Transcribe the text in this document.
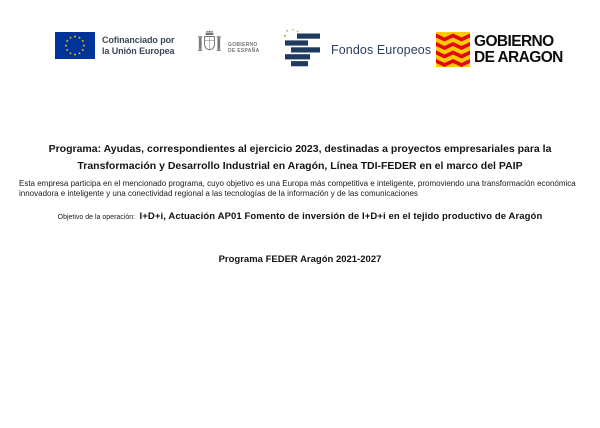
Cofinanciado por
la Unión Europea
GOBIERNO
DE ESPAÑA	Fondos Europeos	GOBIERNO
DE ARAGON
Programa: Ayudas, correspondientes al ejercicio 2023, destinadas a proyectos empresariales para la
Transformación y Desarrollo Industrial en Aragón, Línea TDI-FEDER en el marco del PAIP

Esta empresa participa en el mencionado programa, cuyo objetivo es una Europa más competitiva e inteligente, promoviendo una transformación económica innovadora e inteligente y una conectividad regional a las tecnologías de la información y de las comunicaciones

Objetivo de la operación: I+D+i, Actuación AP01 Fomento de inversión de I+D+i en el tejido productivo de Aragón

Programa FEDER Aragón 2021-2027
